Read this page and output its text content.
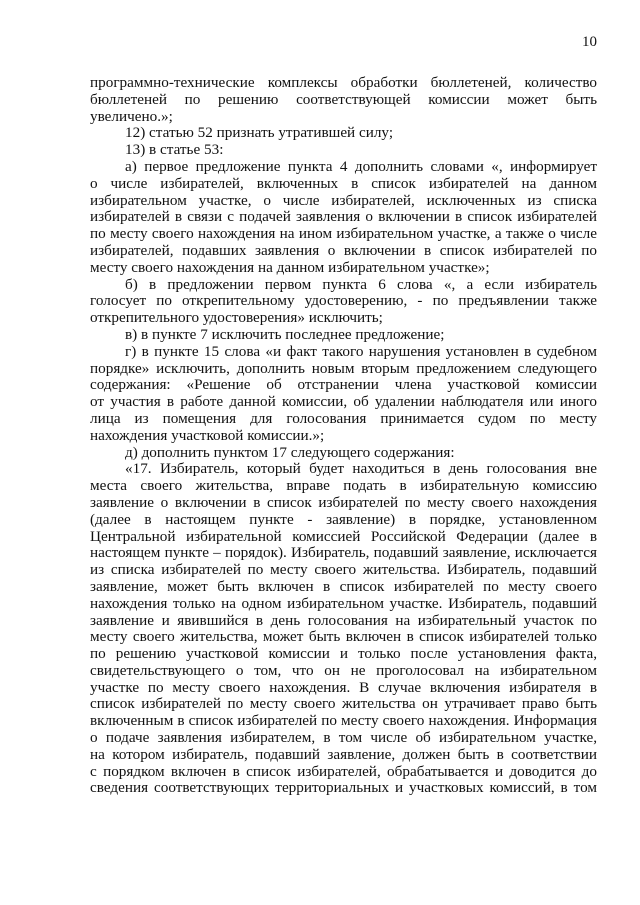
10
программно-технические комплексы обработки бюллетеней, количество
бюллетеней по решению соответствующей комиссии может быть
увеличено.»;
12) статью 52 признать утратившей силу;
13) в статье 53:
а) первое предложение пункта 4 дополнить словами «, информирует
о числе избирателей, включенных в список избирателей на данном
избирательном участке, о числе избирателей, исключенных из списка
избирателей в связи с подачей заявления о включении в список избирателей
по месту своего нахождения на ином избирательном участке, а также о числе
избирателей, подавших заявления о включении в список избирателей по
месту своего нахождения на данном избирательном участке»;
б) в предложении первом пункта 6 слова «, а если избиратель
голосует по открепительному удостоверению, - по предъявлении также
открепительного удостоверения» исключить;
в) в пункте 7 исключить последнее предложение;
г) в пункте 15 слова «и факт такого нарушения установлен в судебном
порядке» исключить, дополнить новым вторым предложением следующего
содержания: «Решение об отстранении члена участковой комиссии
от участия в работе данной комиссии, об удалении наблюдателя или иного
лица из помещения для голосования принимается судом по месту
нахождения участковой комиссии.»;
д) дополнить пунктом 17 следующего содержания:
«17. Избиратель, который будет находиться в день голосования вне
места своего жительства, вправе подать в избирательную комиссию
заявление о включении в список избирателей по месту своего нахождения
(далее в настоящем пункте - заявление) в порядке, установленном
Центральной избирательной комиссией Российской Федерации (далее в
настоящем пункте – порядок). Избиратель, подавший заявление, исключается
из списка избирателей по месту своего жительства. Избиратель, подавший
заявление, может быть включен в список избирателей по месту своего
нахождения только на одном избирательном участке. Избиратель, подавший
заявление и явившийся в день голосования на избирательный участок по
месту своего жительства, может быть включен в список избирателей только
по решению участковой комиссии и только после установления факта,
свидетельствующего о том, что он не проголосовал на избирательном
участке по месту своего нахождения. В случае включения избирателя в
список избирателей по месту своего жительства он утрачивает право быть
включенным в список избирателей по месту своего нахождения. Информация
о подаче заявления избирателем, в том числе об избирательном участке,
на котором избиратель, подавший заявление, должен быть в соответствии
с порядком включен в список избирателей, обрабатывается и доводится до
сведения соответствующих территориальных и участковых комиссий, в том
